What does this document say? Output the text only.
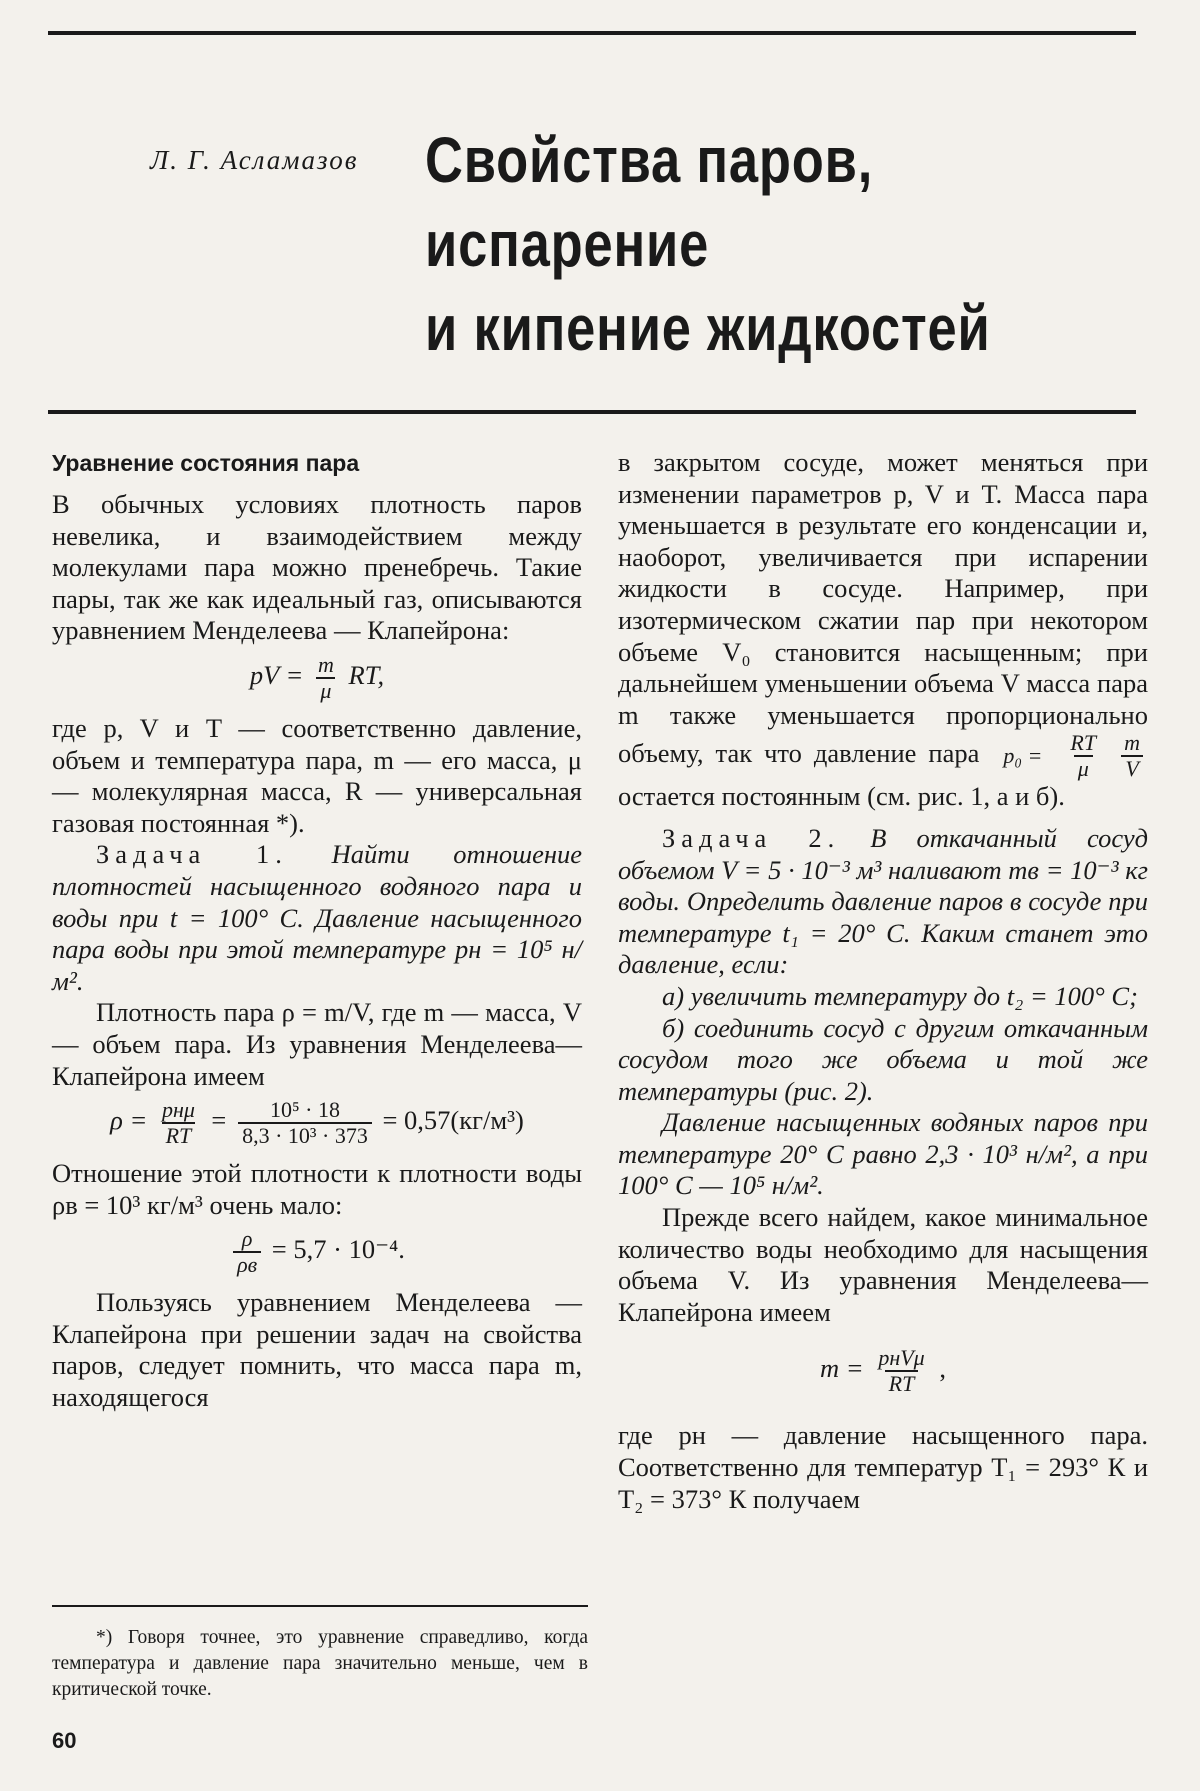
Л. Г. Асламазов Свойства паров,
испарение
и кипение жидкостей
Уравнение состояния пара

В обычных условиях плотность паров невелика, и взаимодействием между молекулами пара можно пренебречь. Такие пары, так же как идеальный газ, описываются уравнением Менделеева — Клапейрона:

pV = $\frac{m}{\mu}$ RT,

где p, V и T — соответственно давление, объем и температура пара, m — его масса, μ — молекулярная масса, R — универсальная газовая постоянная *).

Задача 1. Найти отношение плотностей насыщенного водяного пара и воды при t = 100° С. Давление насыщенного пара воды при этой температуре pн = 10⁵ н/м².

Плотность пара ρ = m/V, где m — масса, V — объем пара. Из уравнения Менделеева—Клапейрона имеем

$\rho = \frac{\text{pнμ}}{RT} = \frac{\text{10⁵ · 18}}{\text{8,3 · 10³ · 373}} = 0,57(кг/м^3)$

Отношение этой плотности к плотности воды ρв = 10³ кг/м³ очень мало:

$\frac{\rho}{\rho в} = 5,7 \cdot 10^{-4}$.

Пользуясь уравнением Менделеева — Клапейрона при решении задач на свойства паров, следует помнить, что масса пара m, находящегося

в закрытом сосуде, может меняться при изменении параметров p, V и T. Масса пара уменьшается в результате его конденсации и, наоборот, увеличивается при испарении жидкости в сосуде. Например, при изотермическом сжатии пар при некотором объеме V₀ становится насыщенным; при дальнейшем уменьшении объема V масса пара m также уменьшается пропорционально объему, так что давление пара p₀ =
$\frac{RT}{\mu}$
$\frac{m}{V}$
остается постоянным (см. рис. 1, а и б).

Задача 2. В откачанный сосуд объемом V = 5 · 10⁻³ м³ наливают mв = 10⁻³ кг воды. Определить давление паров в сосуде при температуре t₁ = 20° С. Каким станет это давление, если:

а) увеличить температуру до t₂ = 100° С;

б) соединить сосуд с другим откачанным сосудом того же объема и той же температуры (рис. 2).

Давление насыщенных водяных паров при температуре 20° С равно 2,3 · 10³ н/м², а при 100° С — 10⁵ н/м².

Прежде всего найдем, какое минимальное количество воды необходимо для насыщения объема V. Из уравнения Менделеева—Клапейрона имеем

$m = \frac{\text{pнVμ}}{RT}$ ,

где pн — давление насыщенного пара. Соответственно для температур T₁ = 293° К и T₂ = 373° К получаем

*) Говоря точнее, это уравнение справедливо, когда температура и давление пара значительно меньше, чем в критической точке.
60
